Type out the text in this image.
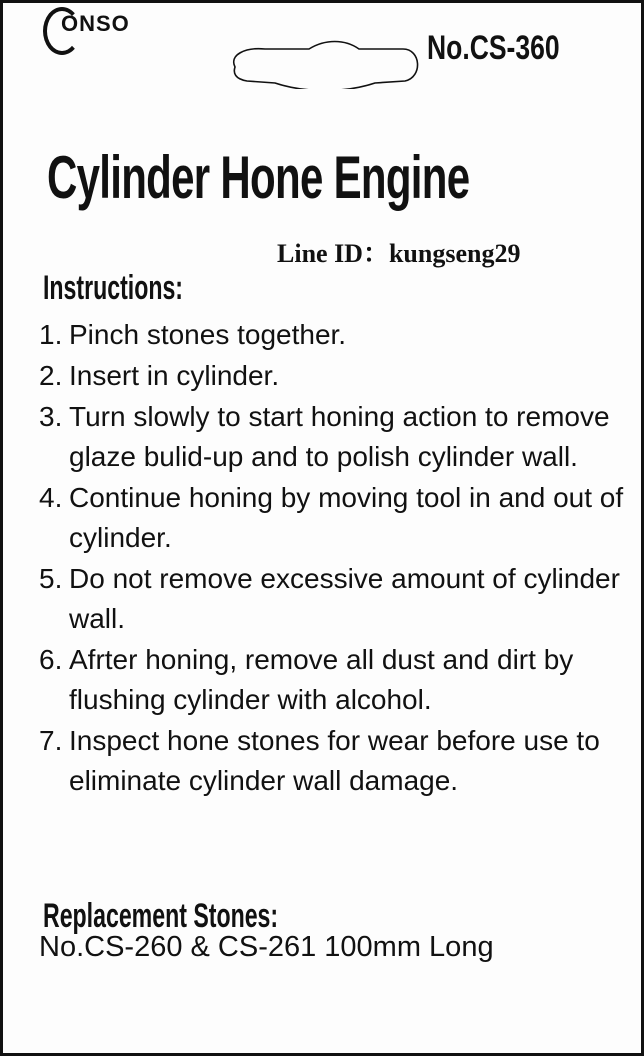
ONSO
No.CS-360
Cylinder Hone Engine
Line ID：kungseng29
Instructions:
1. Pinch stones together.
2. Insert in cylinder.
3. Turn slowly to start honing action to remove glaze bulid-up and to polish cylinder wall.
4. Continue honing by moving tool in and out of cylinder.
5. Do not remove excessive amount of cylinder wall.
6. Afrter honing, remove all dust and dirt by flushing cylinder with alcohol.
7. Inspect hone stones for wear before use to eliminate cylinder wall damage.
Replacement Stones:
No.CS-260 & CS-261 100mm Long
